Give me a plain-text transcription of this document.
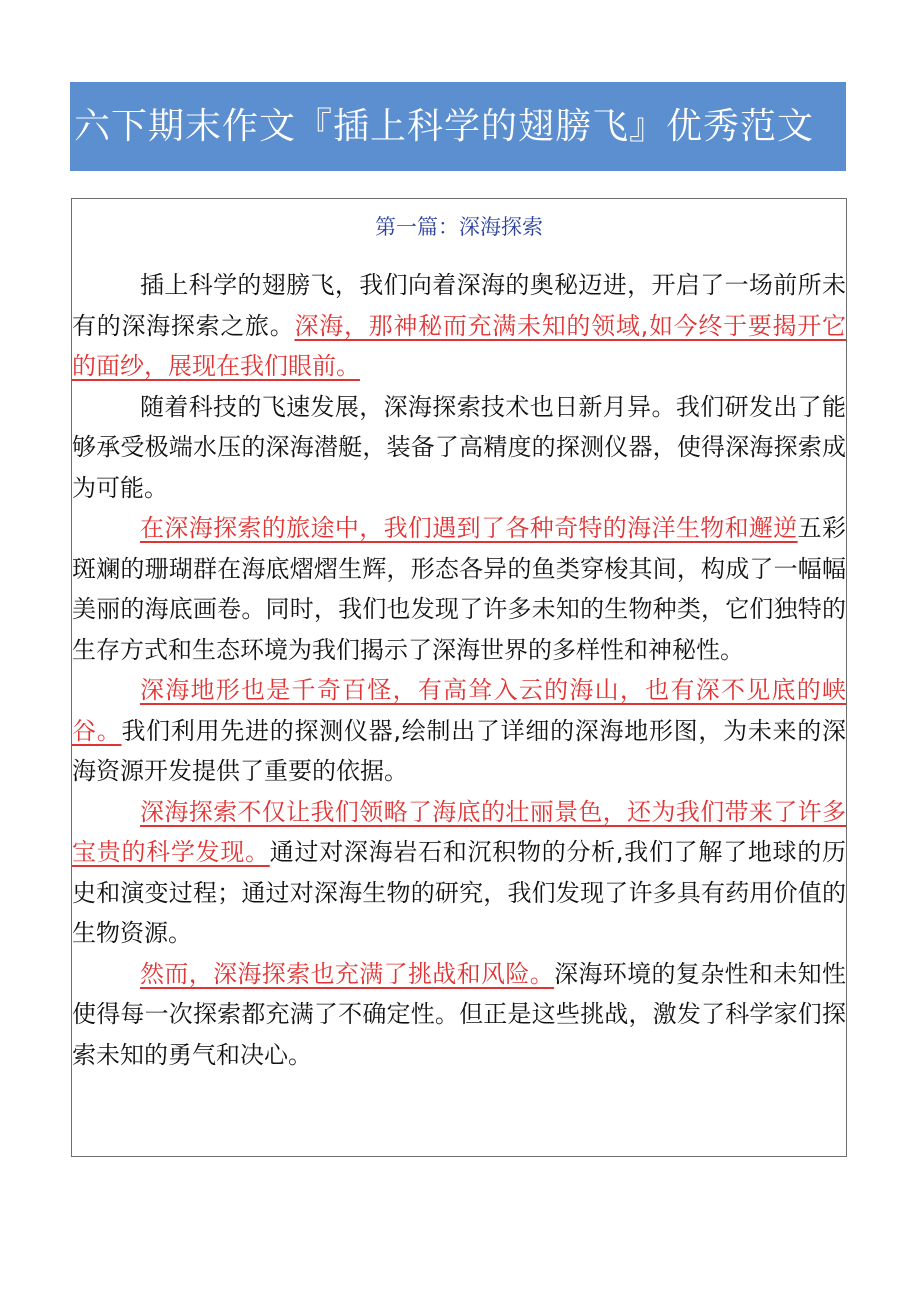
六下期末作文『插上科学的翅膀飞』优秀范文
第一篇：深海探索

插上科学的翅膀飞，我们向着深海的奥秘迈进，开启了一场前所未有的深海探索之旅。深海，那神秘而充满未知的领域,如今终于要揭开它的面纱，展现在我们眼前。

随着科技的飞速发展，深海探索技术也日新月异。我们研发出了能够承受极端水压的深海潜艇，装备了高精度的探测仪器，使得深海探索成为可能。

在深海探索的旅途中，我们遇到了各种奇特的海洋生物和邂逆五彩斑斓的珊瑚群在海底熠熠生辉，形态各异的鱼类穿梭其间，构成了一幅幅美丽的海底画卷。同时，我们也发现了许多未知的生物种类，它们独特的生存方式和生态环境为我们揭示了深海世界的多样性和神秘性。

深海地形也是千奇百怪，有高耸入云的海山，也有深不见底的峡谷。我们利用先进的探测仪器,绘制出了详细的深海地形图，为未来的深海资源开发提供了重要的依据。

深海探索不仅让我们领略了海底的壮丽景色，还为我们带来了许多宝贵的科学发现。通过对深海岩石和沉积物的分析,我们了解了地球的历史和演变过程；通过对深海生物的研究，我们发现了许多具有药用价值的生物资源。

然而，深海探索也充满了挑战和风险。深海环境的复杂性和未知性使得每一次探索都充满了不确定性。但正是这些挑战，激发了科学家们探索未知的勇气和决心。
